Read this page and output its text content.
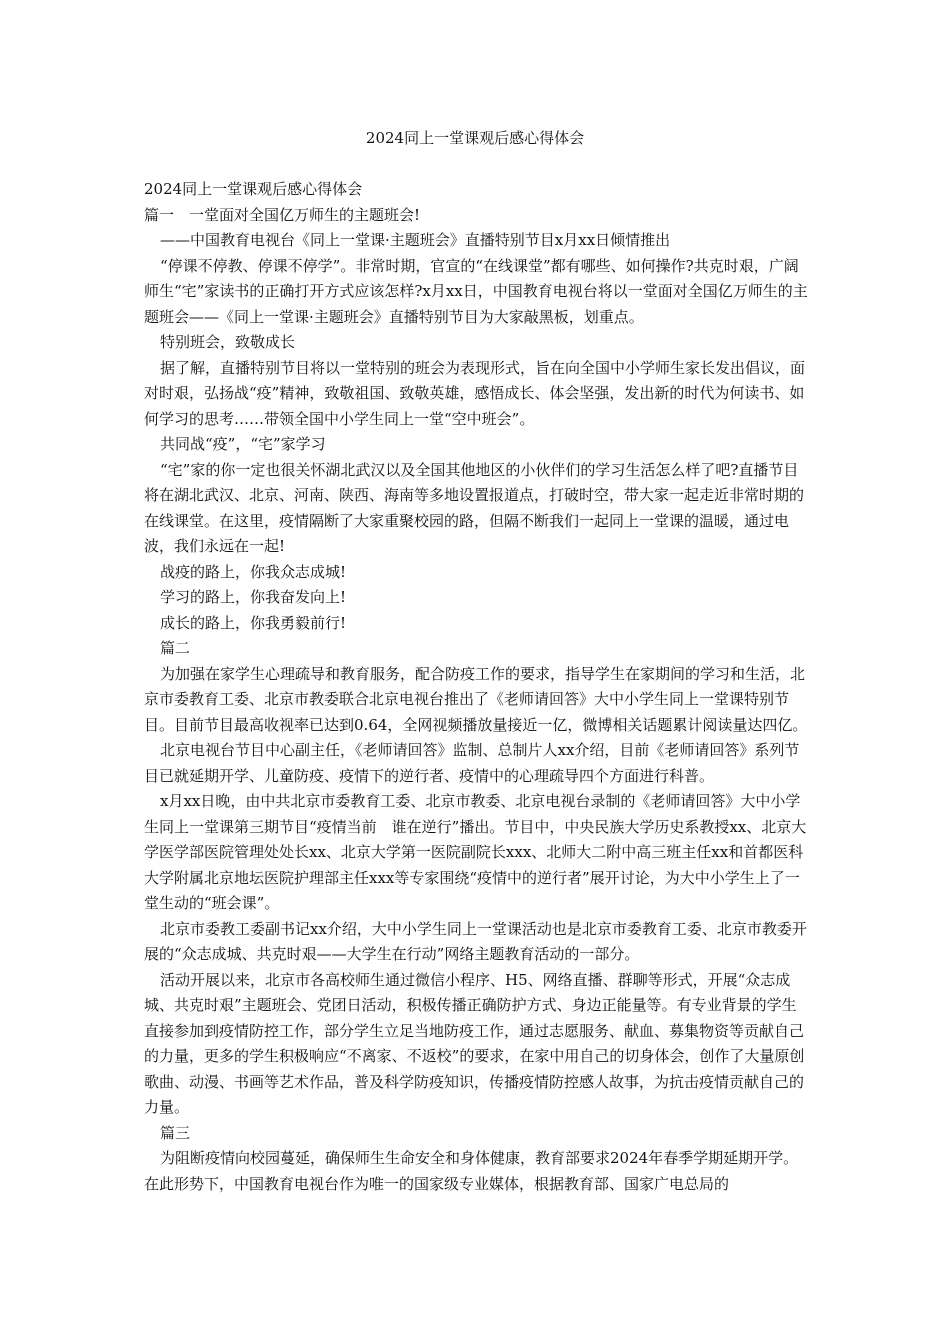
2024同上一堂课观后感心得体会

2024同上一堂课观后感心得体会

篇一　一堂面对全国亿万师生的主题班会!

——中国教育电视台《同上一堂课·主题班会》直播特别节目x月xx日倾情推出

“停课不停教、停课不停学”。非常时期，官宣的“在线课堂”都有哪些、如何操作?共克时艰，广阔师生“宅”家读书的正确打开方式应该怎样?x月xx日，中国教育电视台将以一堂面对全国亿万师生的主题班会——《同上一堂课·主题班会》直播特别节目为大家敲黑板，划重点。

特别班会，致敬成长

据了解，直播特别节目将以一堂特别的班会为表现形式，旨在向全国中小学师生家长发出倡议，面对时艰，弘扬战“疫”精神，致敬祖国、致敬英雄，感悟成长、体会坚强，发出新的时代为何读书、如何学习的思考……带领全国中小学生同上一堂“空中班会”。

共同战“疫”，“宅”家学习

“宅”家的你一定也很关怀湖北武汉以及全国其他地区的小伙伴们的学习生活怎么样了吧?直播节目将在湖北武汉、北京、河南、陕西、海南等多地设置报道点，打破时空，带大家一起走近非常时期的在线课堂。在这里，疫情隔断了大家重聚校园的路，但隔不断我们一起同上一堂课的温暖，通过电波，我们永远在一起!

战疫的路上，你我众志成城!

学习的路上，你我奋发向上!

成长的路上，你我勇毅前行!

篇二

为加强在家学生心理疏导和教育服务，配合防疫工作的要求，指导学生在家期间的学习和生活，北京市委教育工委、北京市教委联合北京电视台推出了《老师请回答》大中小学生同上一堂课特别节目。目前节目最高收视率已达到0.64，全网视频播放量接近一亿，微博相关话题累计阅读量达四亿。

北京电视台节目中心副主任，《老师请回答》监制、总制片人xx介绍，目前《老师请回答》系列节目已就延期开学、儿童防疫、疫情下的逆行者、疫情中的心理疏导四个方面进行科普。

x月xx日晚，由中共北京市委教育工委、北京市教委、北京电视台录制的《老师请回答》大中小学生同上一堂课第三期节目“疫情当前　谁在逆行”播出。节目中，中央民族大学历史系教授xx、北京大学医学部医院管理处处长xx、北京大学第一医院副院长xxx、北师大二附中高三班主任xx和首都医科大学附属北京地坛医院护理部主任xxx等专家围绕“疫情中的逆行者”展开讨论，为大中小学生上了一堂生动的“班会课”。

北京市委教工委副书记xx介绍，大中小学生同上一堂课活动也是北京市委教育工委、北京市教委开展的“众志成城、共克时艰——大学生在行动”网络主题教育活动的一部分。

活动开展以来，北京市各高校师生通过微信小程序、H5、网络直播、群聊等形式，开展“众志成城、共克时艰”主题班会、党团日活动，积极传播正确防护方式、身边正能量等。有专业背景的学生直接参加到疫情防控工作，部分学生立足当地防疫工作，通过志愿服务、献血、募集物资等贡献自己的力量，更多的学生积极响应“不离家、不返校”的要求，在家中用自己的切身体会，创作了大量原创歌曲、动漫、书画等艺术作品，普及科学防疫知识，传播疫情防控感人故事，为抗击疫情贡献自己的力量。

篇三

为阻断疫情向校园蔓延，确保师生生命安全和身体健康，教育部要求2024年春季学期延期开学。在此形势下，中国教育电视台作为唯一的国家级专业媒体，根据教育部、国家广电总局的
